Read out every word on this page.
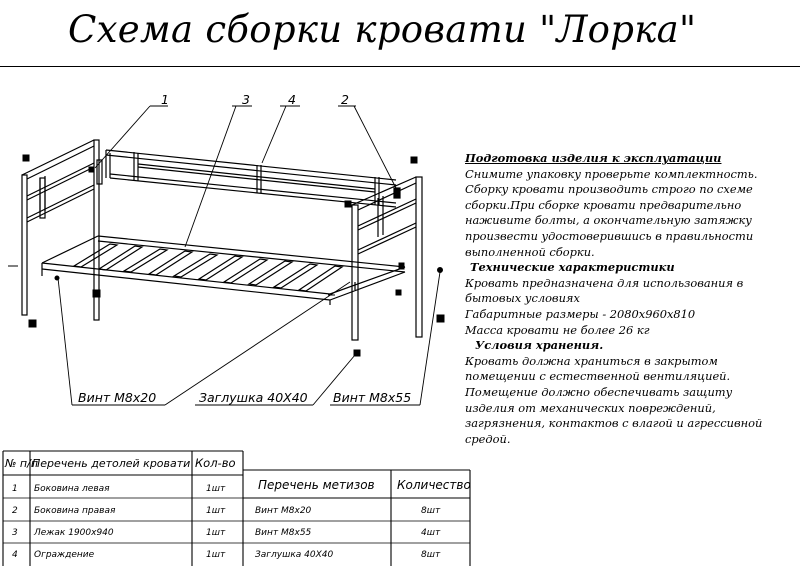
Схема сборки кровати "Лорка"
1	3	4	2
Винт М8х20	Заглушка 40Х40 Винт М8х55
№ п/п
Перечень детолей кровати Кол-во
1 Боковина левая	1шт
2 Боковина правая	1шт
3 Лежак 1900х940	1шт
4 Ограждение	1шт
Перечень метизов Количество
Винт М8х20	8шт
Винт М8х55	4шт
Заглушка 40Х40	8шт

Подготовка изделия к эксплуатации

Снимите упаковку проверьте комплектность.

Сборку кровати производить строго по схеме

сборки.При сборке кровати предварительно

наживите болты, а окончательную затяжку

произвести удостоверившись в правильности

выполненной сборки.

Технические характеристики

Кровать предназначена для использования в

бытовых условиях

Габаритные размеры - 2080х960х810

Масса кровати не более 26 кг

Условия хранения.

Кровать должна храниться в закрытом

помещении с естественной вентиляцией.

Помещение должно обеспечивать защиту

изделия от механических повреждений,

загрязнения, контактов с влагой и агрессивной

средой.
